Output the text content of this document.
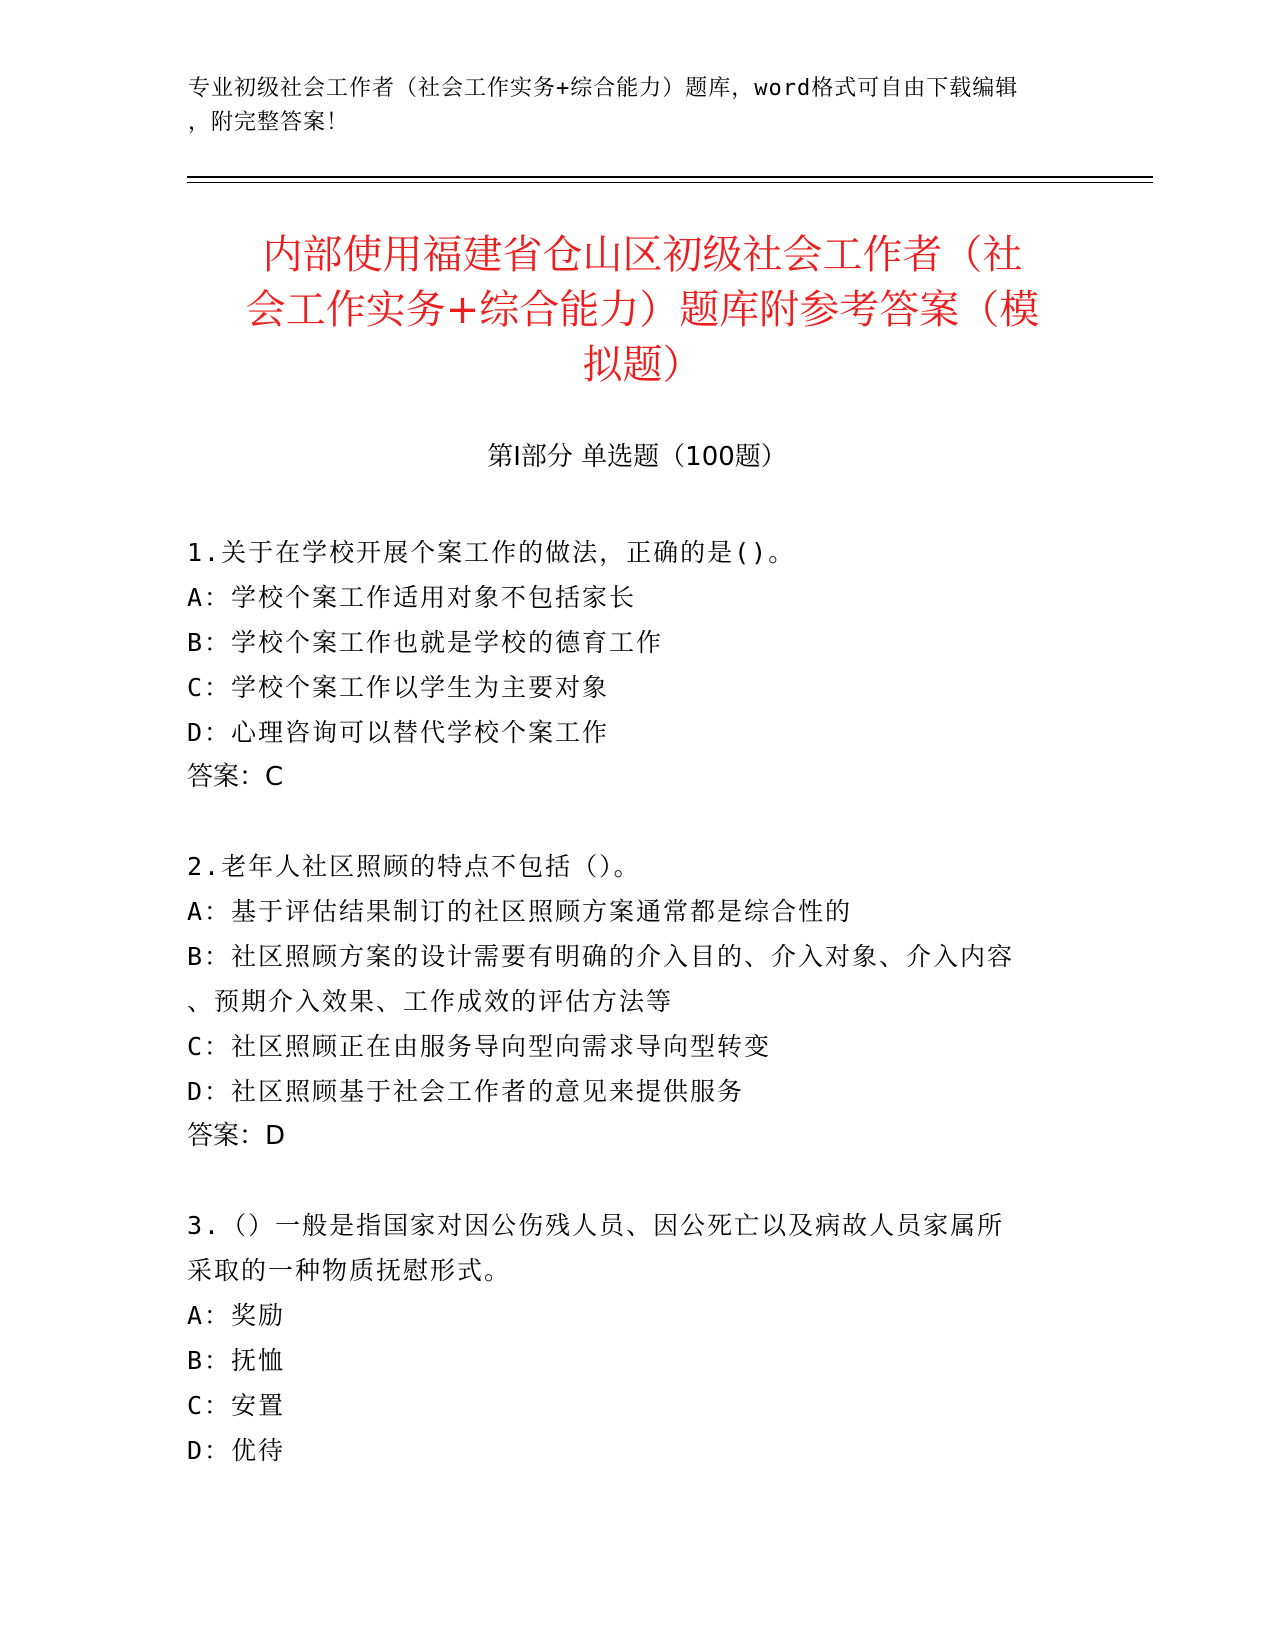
专业初级社会工作者（社会工作实务+综合能力）题库，word格式可自由下载编辑
，附完整答案！
内部使用福建省仓山区初级社会工作者（社
会工作实务+综合能力）题库附参考答案（模
拟题）
第Ⅰ部分 单选题（100题）
1.关于在学校开展个案工作的做法，正确的是()。
A：学校个案工作适用对象不包括家长
B：学校个案工作也就是学校的德育工作
C：学校个案工作以学生为主要对象
D：心理咨询可以替代学校个案工作
答案：C
2.老年人社区照顾的特点不包括（）。
A：基于评估结果制订的社区照顾方案通常都是综合性的
B：社区照顾方案的设计需要有明确的介入目的、介入对象、介入内容
、预期介入效果、工作成效的评估方法等
C：社区照顾正在由服务导向型向需求导向型转变
D：社区照顾基于社会工作者的意见来提供服务
答案：D
3.（）一般是指国家对因公伤残人员、因公死亡以及病故人员家属所
采取的一种物质抚慰形式。
A：奖励
B：抚恤
C：安置
D：优待
